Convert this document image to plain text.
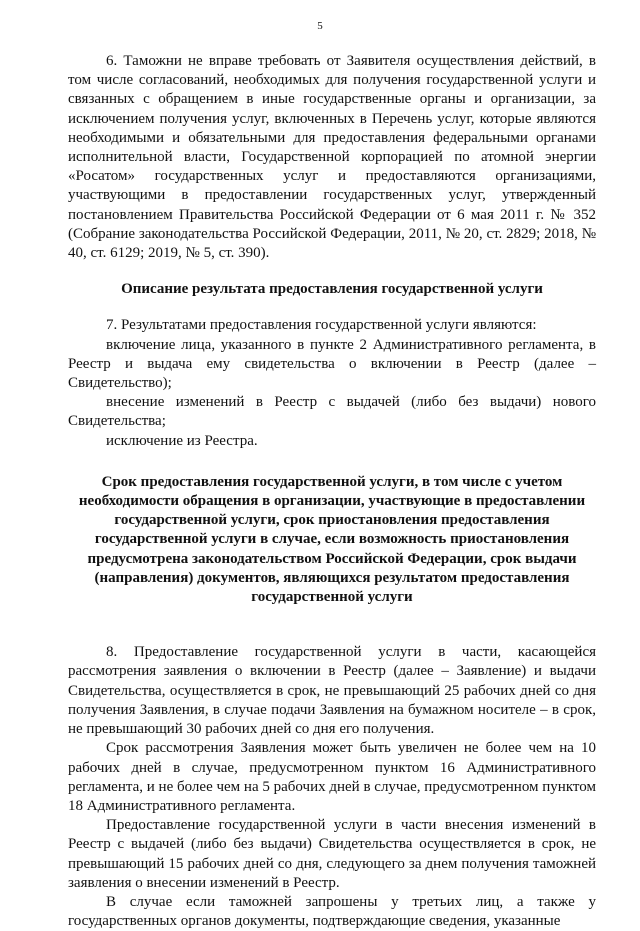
5

6. Таможни не вправе требовать от Заявителя осуществления действий, в том числе согласований, необходимых для получения государственной услуги и связанных с обращением в иные государственные органы и организации, за исключением получения услуг, включенных в Перечень услуг, которые являются необходимыми и обязательными для предоставления федеральными органами исполнительной власти, Государственной корпорацией по атомной энергии «Росатом» государственных услуг и предоставляются организациями, участвующими в предоставлении государственных услуг, утвержденный постановлением Правительства Российской Федерации от 6 мая 2011 г. № 352 (Собрание законодательства Российской Федерации, 2011, № 20, ст. 2829; 2018, № 40, ст. 6129; 2019, № 5, ст. 390).

Описание результата предоставления государственной услуги

7. Результатами предоставления государственной услуги являются:

включение лица, указанного в пункте 2 Административного регламента, в Реестр и выдача ему свидетельства о включении в Реестр (далее – Свидетельство);

внесение изменений в Реестр с выдачей (либо без выдачи) нового Свидетельства;

исключение из Реестра.

Срок предоставления государственной услуги, в том числе с учетом необходимости обращения в организации, участвующие в предоставлении государственной услуги, срок приостановления предоставления государственной услуги в случае, если возможность приостановления предусмотрена законодательством Российской Федерации, срок выдачи (направления) документов, являющихся результатом предоставления государственной услуги

8. Предоставление государственной услуги в части, касающейся рассмотрения заявления о включении в Реестр (далее – Заявление) и выдачи Свидетельства, осуществляется в срок, не превышающий 25 рабочих дней со дня получения Заявления, в случае подачи Заявления на бумажном носителе – в срок, не превышающий 30 рабочих дней со дня его получения.

Срок рассмотрения Заявления может быть увеличен не более чем на 10 рабочих дней в случае, предусмотренном пунктом 16 Административного регламента, и не более чем на 5 рабочих дней в случае, предусмотренном пунктом 18 Административного регламента.

Предоставление государственной услуги в части внесения изменений в Реестр с выдачей (либо без выдачи) Свидетельства осуществляется в срок, не превышающий 15 рабочих дней со дня, следующего за днем получения таможней заявления о внесении изменений в Реестр.

В случае если таможней запрошены у третьих лиц, а также у государственных органов документы, подтверждающие сведения, указанные
